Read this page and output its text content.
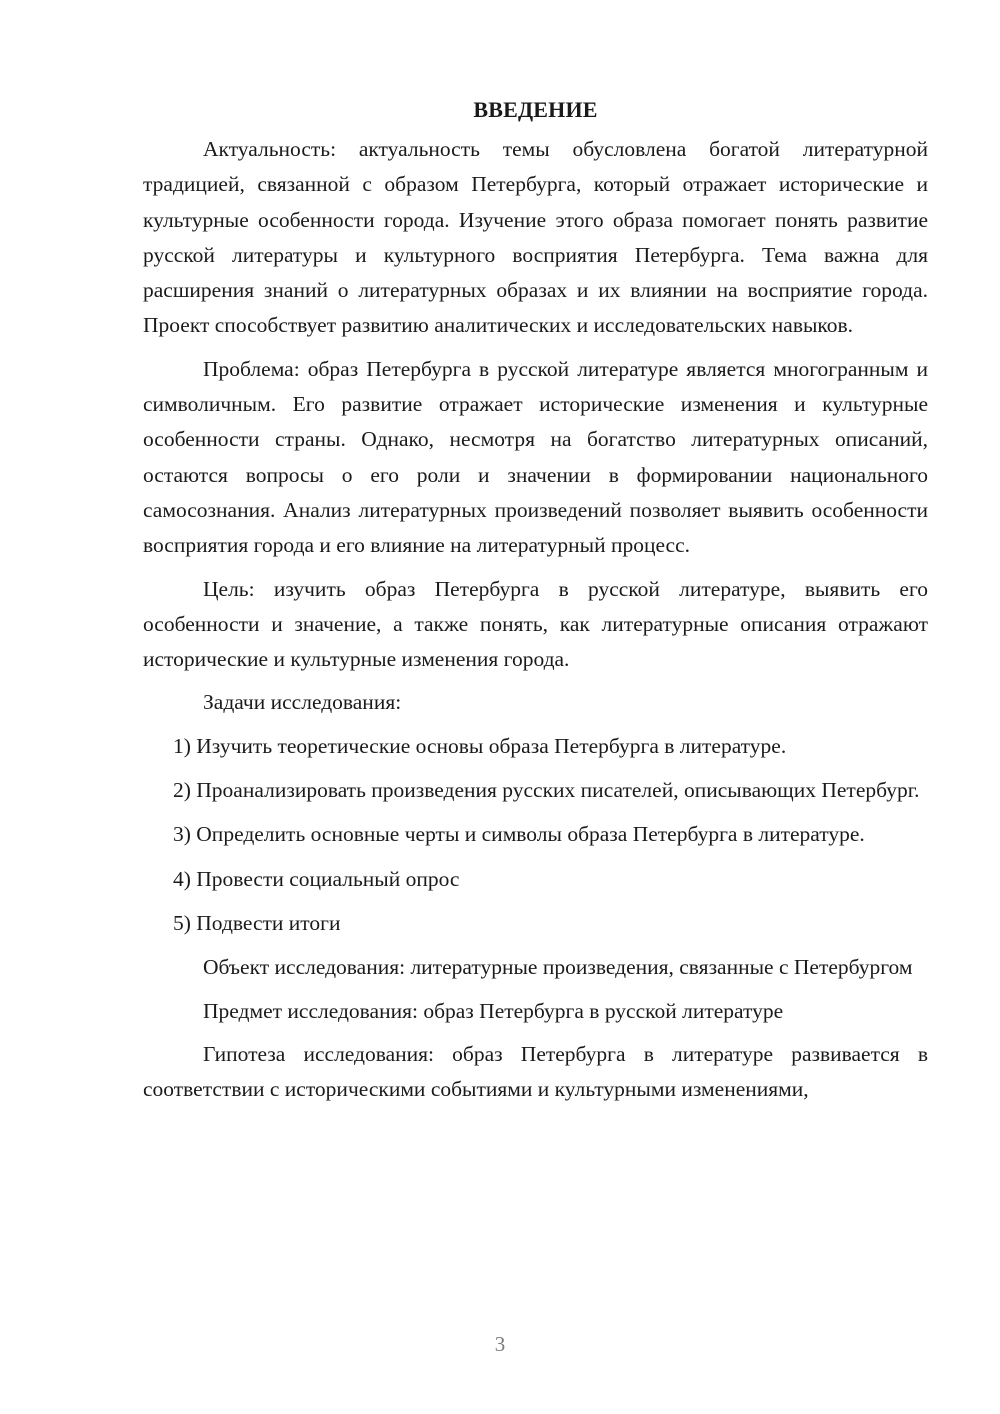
ВВЕДЕНИЕ

Актуальность: актуальность темы обусловлена богатой литературной традицией, связанной с образом Петербурга, который отражает исторические и культурные особенности города. Изучение этого образа помогает понять развитие русской литературы и культурного восприятия Петербурга. Тема важна для расширения знаний о литературных образах и их влиянии на восприятие города. Проект способствует развитию аналитических и исследовательских навыков.

Проблема: образ Петербурга в русской литературе является многогранным и символичным. Его развитие отражает исторические изменения и культурные особенности страны. Однако, несмотря на богатство литературных описаний, остаются вопросы о его роли и значении в формировании национального самосознания. Анализ литературных произведений позволяет выявить особенности восприятия города и его влияние на литературный процесс.

Цель: изучить образ Петербурга в русской литературе, выявить его особенности и значение, а также понять, как литературные описания отражают исторические и культурные изменения города.

Задачи исследования:

1) Изучить теоретические основы образа Петербурга в литературе.

2) Проанализировать произведения русских писателей, описывающих Петербург.

3) Определить основные черты и символы образа Петербурга в литературе.

4) Провести социальный опрос

5) Подвести итоги

Объект исследования: литературные произведения, связанные с Петербургом

Предмет исследования: образ Петербурга в русской литературе

Гипотеза исследования: образ Петербурга в литературе развивается в соответствии с историческими событиями и культурными изменениями,

3
